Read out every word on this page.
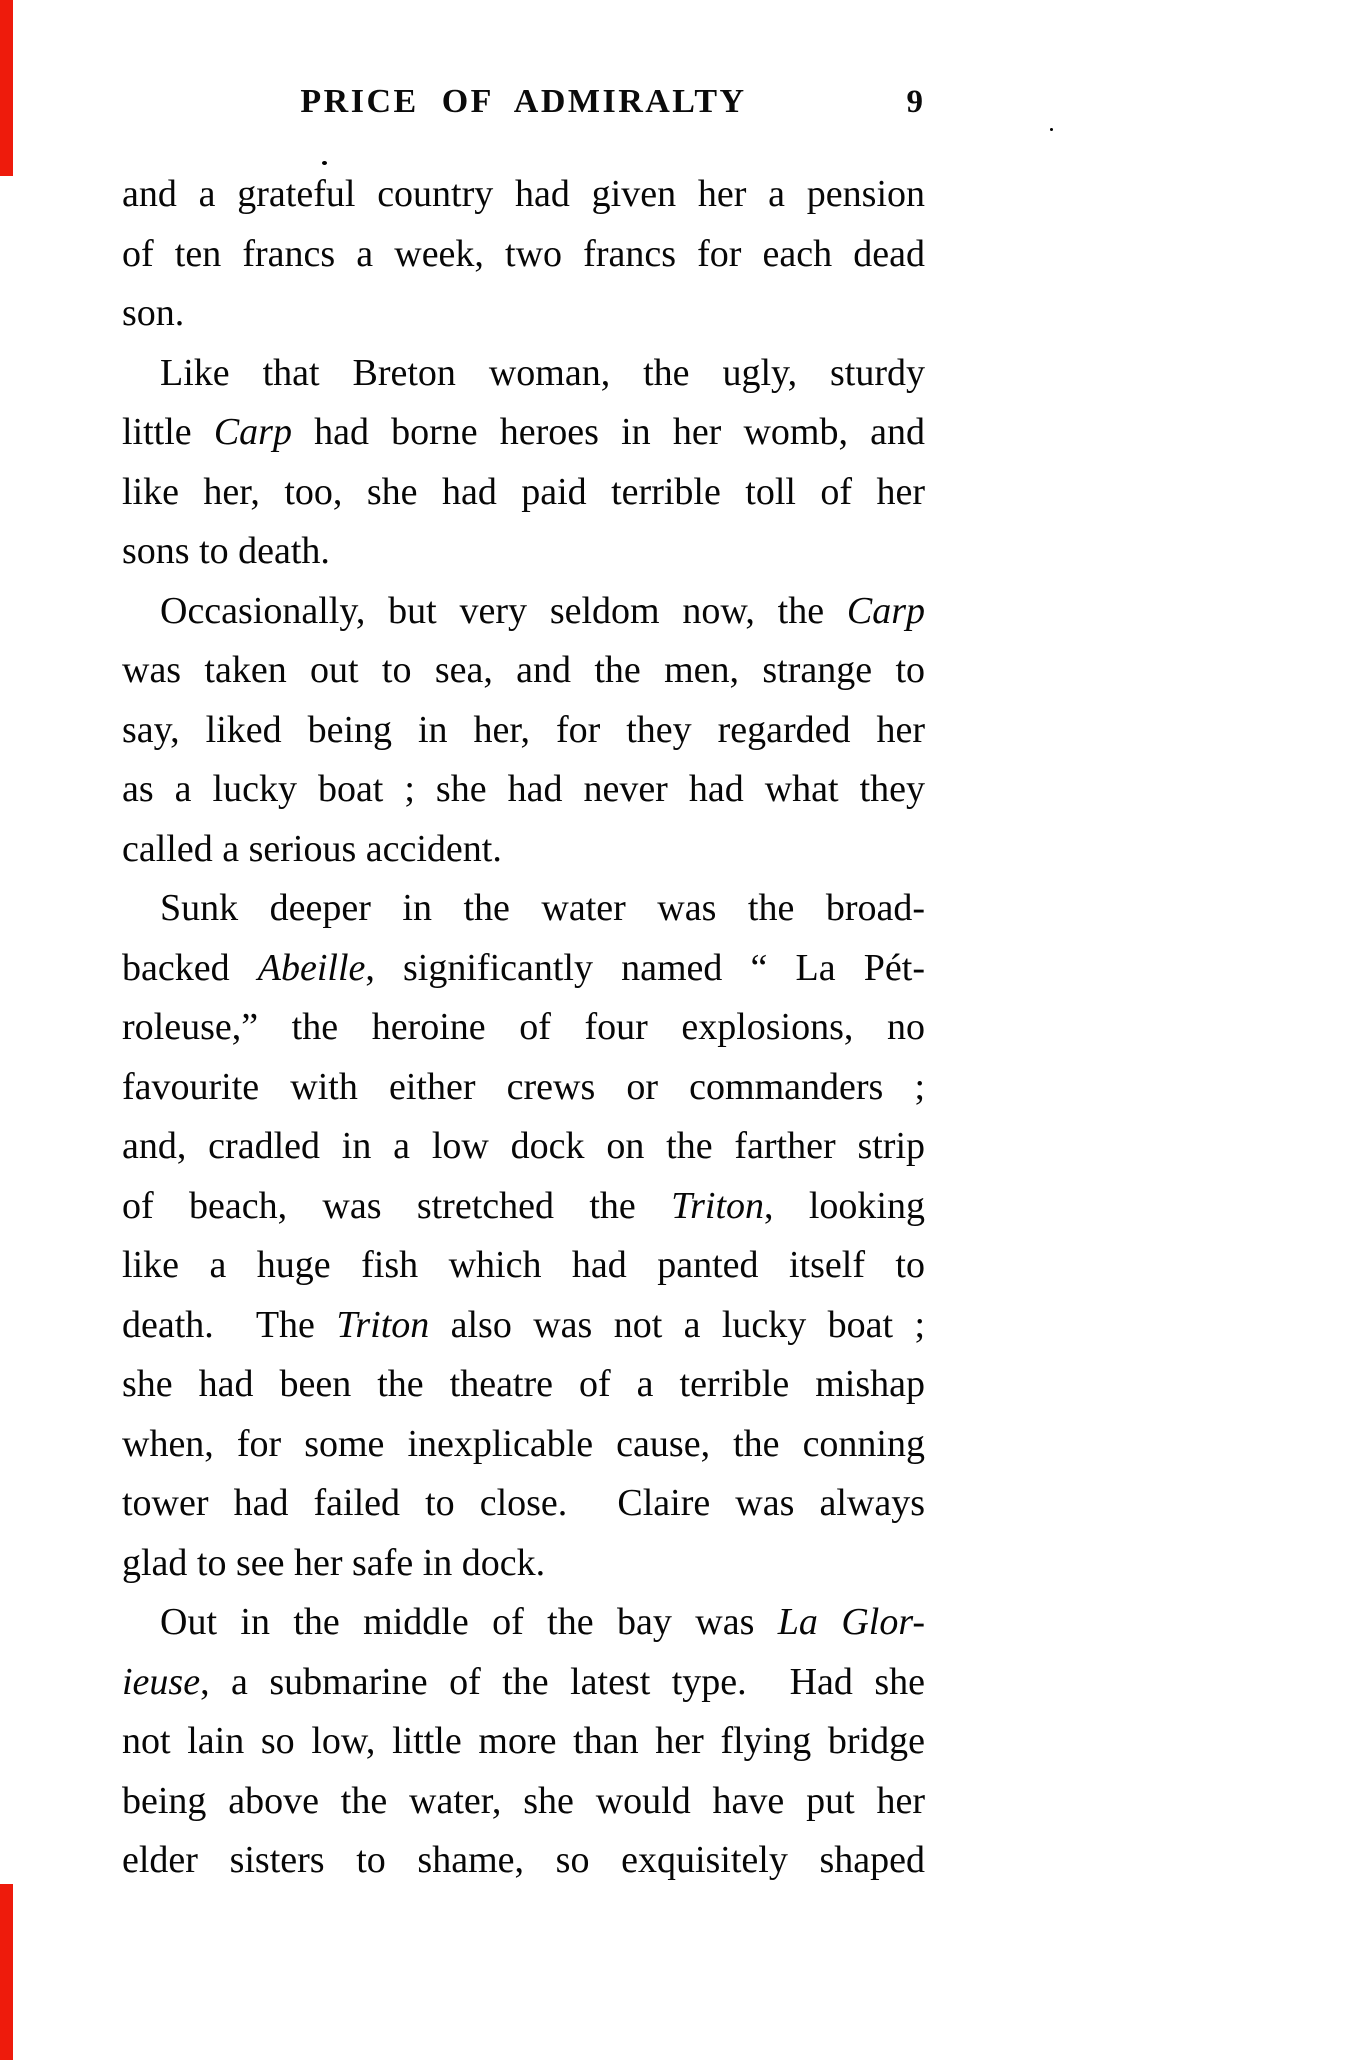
PRICE OF ADMIRALTY	9
and a grateful country had given her a pension
of ten francs a week, two francs for each dead
son.
Like that Breton woman, the ugly, sturdy
little Carp had borne heroes in her womb, and
like her, too, she had paid terrible toll of her
sons to death.
Occasionally, but very seldom now, the Carp
was taken out to sea, and the men, strange to
say, liked being in her, for they regarded her
as a lucky boat ; she had never had what they
called a serious accident.
Sunk deeper in the water was the broad-
backed Abeille, significantly named “ La Pét-
roleuse,” the heroine of four explosions, no
favourite with either crews or commanders ;
and, cradled in a low dock on the farther strip
of beach, was stretched the Triton, looking
like a huge fish which had panted itself to
death.  The Triton also was not a lucky boat ;
she had been the theatre of a terrible mishap
when, for some inexplicable cause, the conning
tower had failed to close.  Claire was always
glad to see her safe in dock.
Out in the middle of the bay was La Glor-
ieuse, a submarine of the latest type.  Had she
not lain so low, little more than her flying bridge
being above the water, she would have put her
elder sisters to shame, so exquisitely shaped
